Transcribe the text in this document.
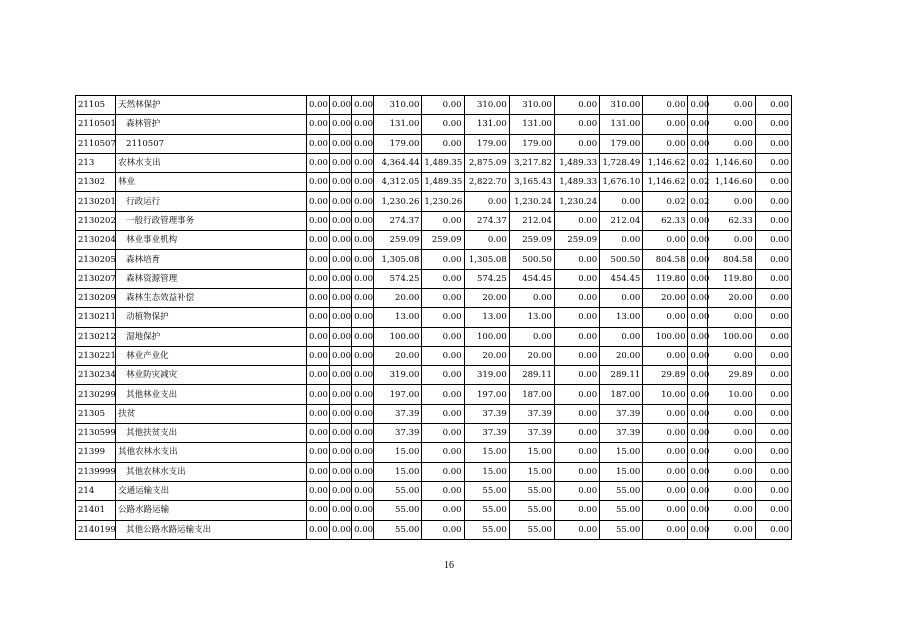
21105	天然林保护	0.00	0.00	0.00	310.00	0.00	310.00	310.00	0.00	310.00	0.00	0.00	0.00	0.00
2110501	森林管护	0.00	0.00	0.00	131.00	0.00	131.00	131.00	0.00	131.00	0.00	0.00	0.00	0.00
2110507	2110507	0.00	0.00	0.00	179.00	0.00	179.00	179.00	0.00	179.00	0.00	0.00	0.00	0.00
213	农林水支出	0.00	0.00	0.00	4,364.44	1,489.35	2,875.09	3,217.82	1,489.33	1,728.49	1,146.62	0.02	1,146.60	0.00
21302	林业	0.00	0.00	0.00	4,312.05	1,489.35	2,822.70	3,165.43	1,489.33	1,676.10	1,146.62	0.02	1,146.60	0.00
2130201	行政运行	0.00	0.00	0.00	1,230.26	1,230.26	0.00	1,230.24	1,230.24	0.00	0.02	0.02	0.00	0.00
2130202	一般行政管理事务	0.00	0.00	0.00	274.37	0.00	274.37	212.04	0.00	212.04	62.33	0.00	62.33	0.00
2130204	林业事业机构	0.00	0.00	0.00	259.09	259.09	0.00	259.09	259.09	0.00	0.00	0.00	0.00	0.00
2130205	森林培育	0.00	0.00	0.00	1,305.08	0.00	1,305.08	500.50	0.00	500.50	804.58	0.00	804.58	0.00
2130207	森林资源管理	0.00	0.00	0.00	574.25	0.00	574.25	454.45	0.00	454.45	119.80	0.00	119.80	0.00
2130209	森林生态效益补偿	0.00	0.00	0.00	20.00	0.00	20.00	0.00	0.00	0.00	20.00	0.00	20.00	0.00
2130211	动植物保护	0.00	0.00	0.00	13.00	0.00	13.00	13.00	0.00	13.00	0.00	0.00	0.00	0.00
2130212	湿地保护	0.00	0.00	0.00	100.00	0.00	100.00	0.00	0.00	0.00	100.00	0.00	100.00	0.00
2130221	林业产业化	0.00	0.00	0.00	20.00	0.00	20.00	20.00	0.00	20.00	0.00	0.00	0.00	0.00
2130234	林业防灾减灾	0.00	0.00	0.00	319.00	0.00	319.00	289.11	0.00	289.11	29.89	0.00	29.89	0.00
2130299	其他林业支出	0.00	0.00	0.00	197.00	0.00	197.00	187.00	0.00	187.00	10.00	0.00	10.00	0.00
21305	扶贫	0.00	0.00	0.00	37.39	0.00	37.39	37.39	0.00	37.39	0.00	0.00	0.00	0.00
2130599	其他扶贫支出	0.00	0.00	0.00	37.39	0.00	37.39	37.39	0.00	37.39	0.00	0.00	0.00	0.00
21399	其他农林水支出	0.00	0.00	0.00	15.00	0.00	15.00	15.00	0.00	15.00	0.00	0.00	0.00	0.00
2139999	其他农林水支出	0.00	0.00	0.00	15.00	0.00	15.00	15.00	0.00	15.00	0.00	0.00	0.00	0.00
214	交通运输支出	0.00	0.00	0.00	55.00	0.00	55.00	55.00	0.00	55.00	0.00	0.00	0.00	0.00
21401	公路水路运输	0.00	0.00	0.00	55.00	0.00	55.00	55.00	0.00	55.00	0.00	0.00	0.00	0.00
2140199	其他公路水路运输支出	0.00	0.00	0.00	55.00	0.00	55.00	55.00	0.00	55.00	0.00	0.00	0.00	0.00
16
